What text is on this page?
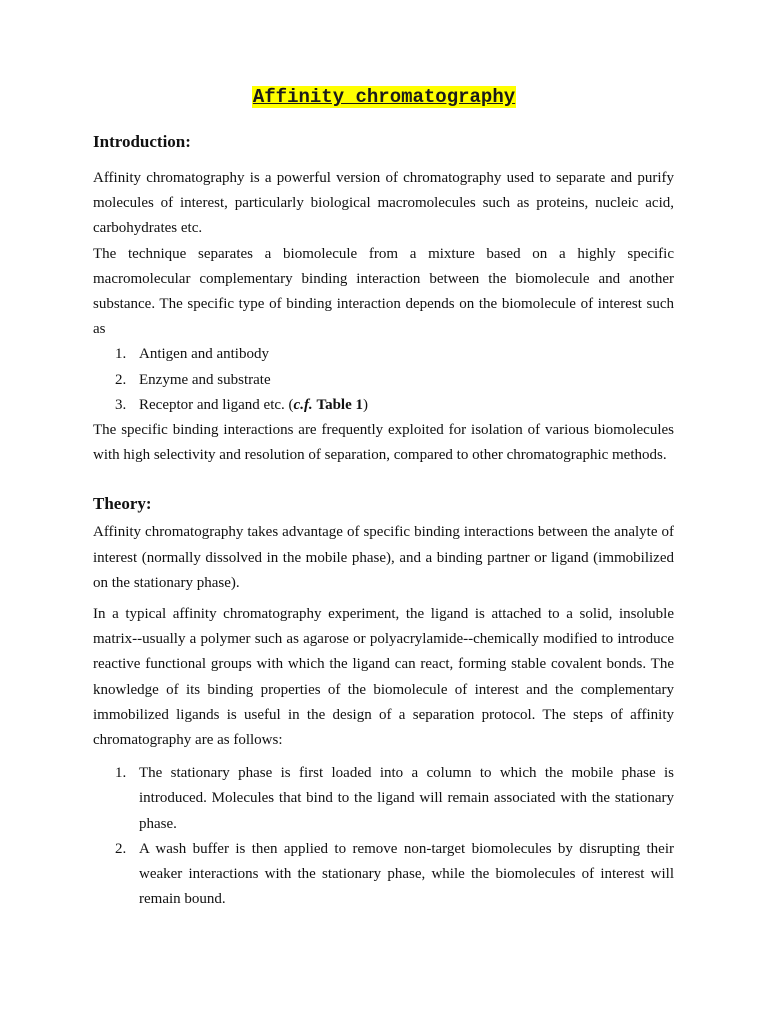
Affinity chromatography
Introduction:

Affinity chromatography is a powerful version of chromatography used to separate and purify molecules of interest, particularly biological macromolecules such as proteins, nucleic acid, carbohydrates etc.

The technique separates a biomolecule from a mixture based on a highly specific macromolecular complementary binding interaction between the biomolecule and another substance. The specific type of binding interaction depends on the biomolecule of interest such as

1. Antigen and antibody
2. Enzyme and substrate
3. Receptor and ligand etc. (c.f. Table 1)

The specific binding interactions are frequently exploited for isolation of various biomolecules with high selectivity and resolution of separation, compared to other chromatographic methods.

Theory:

Affinity chromatography takes advantage of specific binding interactions between the analyte of interest (normally dissolved in the mobile phase), and a binding partner or ligand (immobilized on the stationary phase).

In a typical affinity chromatography experiment, the ligand is attached to a solid, insoluble matrix--usually a polymer such as agarose or polyacrylamide--chemically modified to introduce reactive functional groups with which the ligand can react, forming stable covalent bonds. The knowledge of its binding properties of the biomolecule of interest and the complementary immobilized ligands is useful in the design of a separation protocol. The steps of affinity chromatography are as follows:

1. The stationary phase is first loaded into a column to which the mobile phase is introduced. Molecules that bind to the ligand will remain associated with the stationary phase.
2. A wash buffer is then applied to remove non-target biomolecules by disrupting their weaker interactions with the stationary phase, while the biomolecules of interest will remain bound.
